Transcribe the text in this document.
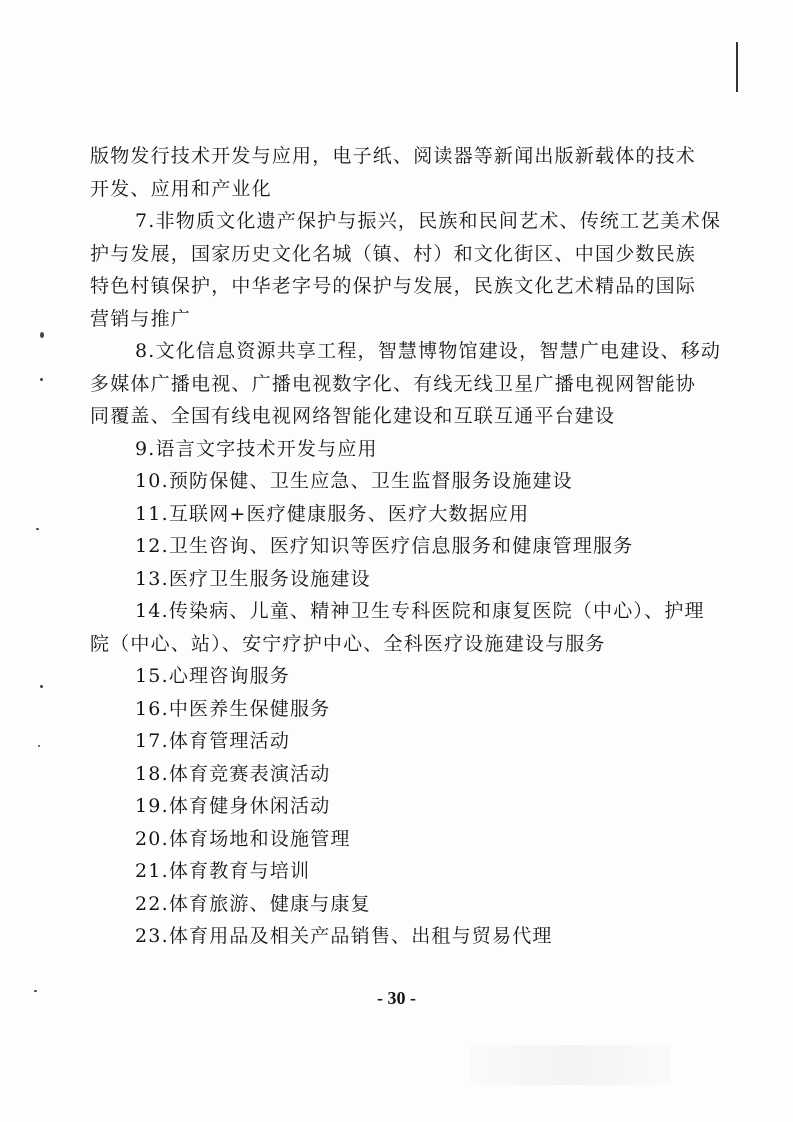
版物发行技术开发与应用，电子纸、阅读器等新闻出版新载体的技术
开发、应用和产业化
7.非物质文化遗产保护与振兴，民族和民间艺术、传统工艺美术保
护与发展，国家历史文化名城（镇、村）和文化街区、中国少数民族
特色村镇保护，中华老字号的保护与发展，民族文化艺术精品的国际
营销与推广
8.文化信息资源共享工程，智慧博物馆建设，智慧广电建设、移动
多媒体广播电视、广播电视数字化、有线无线卫星广播电视网智能协
同覆盖、全国有线电视网络智能化建设和互联互通平台建设
9.语言文字技术开发与应用
10.预防保健、卫生应急、卫生监督服务设施建设
11.互联网+医疗健康服务、医疗大数据应用
12.卫生咨询、医疗知识等医疗信息服务和健康管理服务
13.医疗卫生服务设施建设
14.传染病、儿童、精神卫生专科医院和康复医院（中心）、护理
院（中心、站）、安宁疗护中心、全科医疗设施建设与服务
15.心理咨询服务
16.中医养生保健服务
17.体育管理活动
18.体育竞赛表演活动
19.体育健身休闲活动
20.体育场地和设施管理
21.体育教育与培训
22.体育旅游、健康与康复
23.体育用品及相关产品销售、出租与贸易代理
- 30 -
